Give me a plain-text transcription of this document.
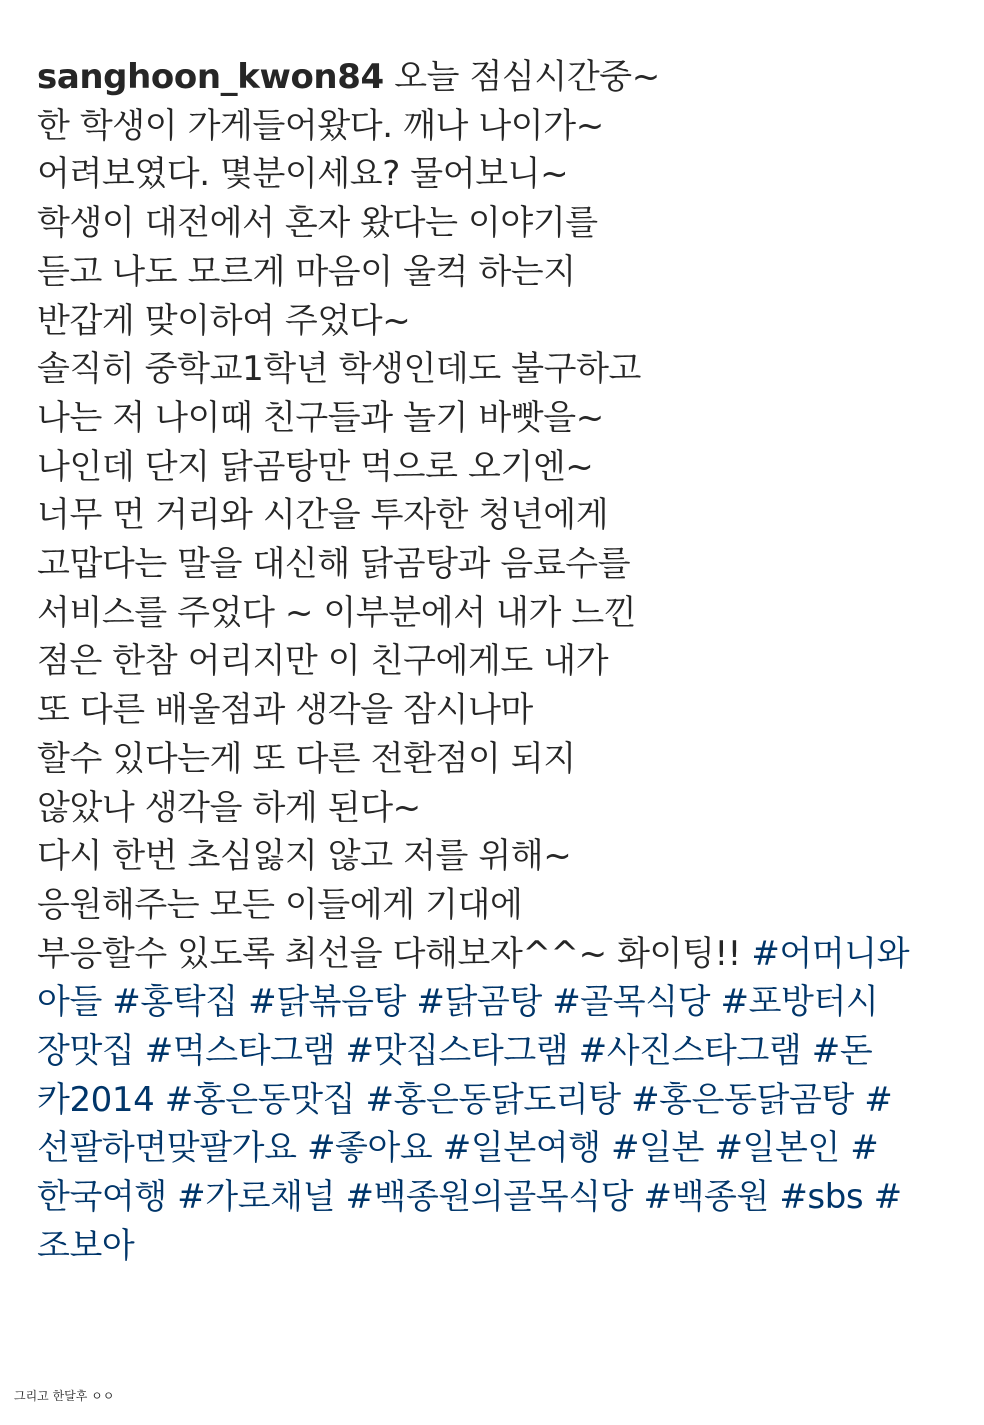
sanghoon_kwon84 오늘 점심시간중~
한 학생이 가게들어왔다. 깨나 나이가~
어려보였다. 몇분이세요? 물어보니~
학생이 대전에서 혼자 왔다는 이야기를
듣고 나도 모르게 마음이 울컥 하는지
반갑게 맞이하여 주었다~
솔직히 중학교1학년 학생인데도 불구하고
나는 저 나이때 친구들과 놀기 바빳을~
나인데 단지 닭곰탕만 먹으로 오기엔~
너무 먼 거리와 시간을 투자한 청년에게
고맙다는 말을 대신해 닭곰탕과 음료수를
서비스를 주었다 ~ 이부분에서 내가 느낀
점은 한참 어리지만 이 친구에게도 내가
또 다른 배울점과 생각을 잠시나마
할수 있다는게 또 다른 전환점이 되지
않았나 생각을 하게 된다~
다시 한번 초심잃지 않고 저를 위해~
응원해주는 모든 이들에게 기대에
부응할수 있도록 최선을 다해보자^^~ 화이팅!! #어머니와
아들 #홍탁집 #닭볶음탕 #닭곰탕 #골목식당 #포방터시
장맛집 #먹스타그램 #맛집스타그램 #사진스타그램 #돈
카2014 #홍은동맛집 #홍은동닭도리탕 #홍은동닭곰탕 #
선팔하면맞팔가요 #좋아요 #일본여행 #일본 #일본인 #
한국여행 #가로채널 #백종원의골목식당 #백종원 #sbs #
조보아
그리고 한달후 ㅇㅇ
